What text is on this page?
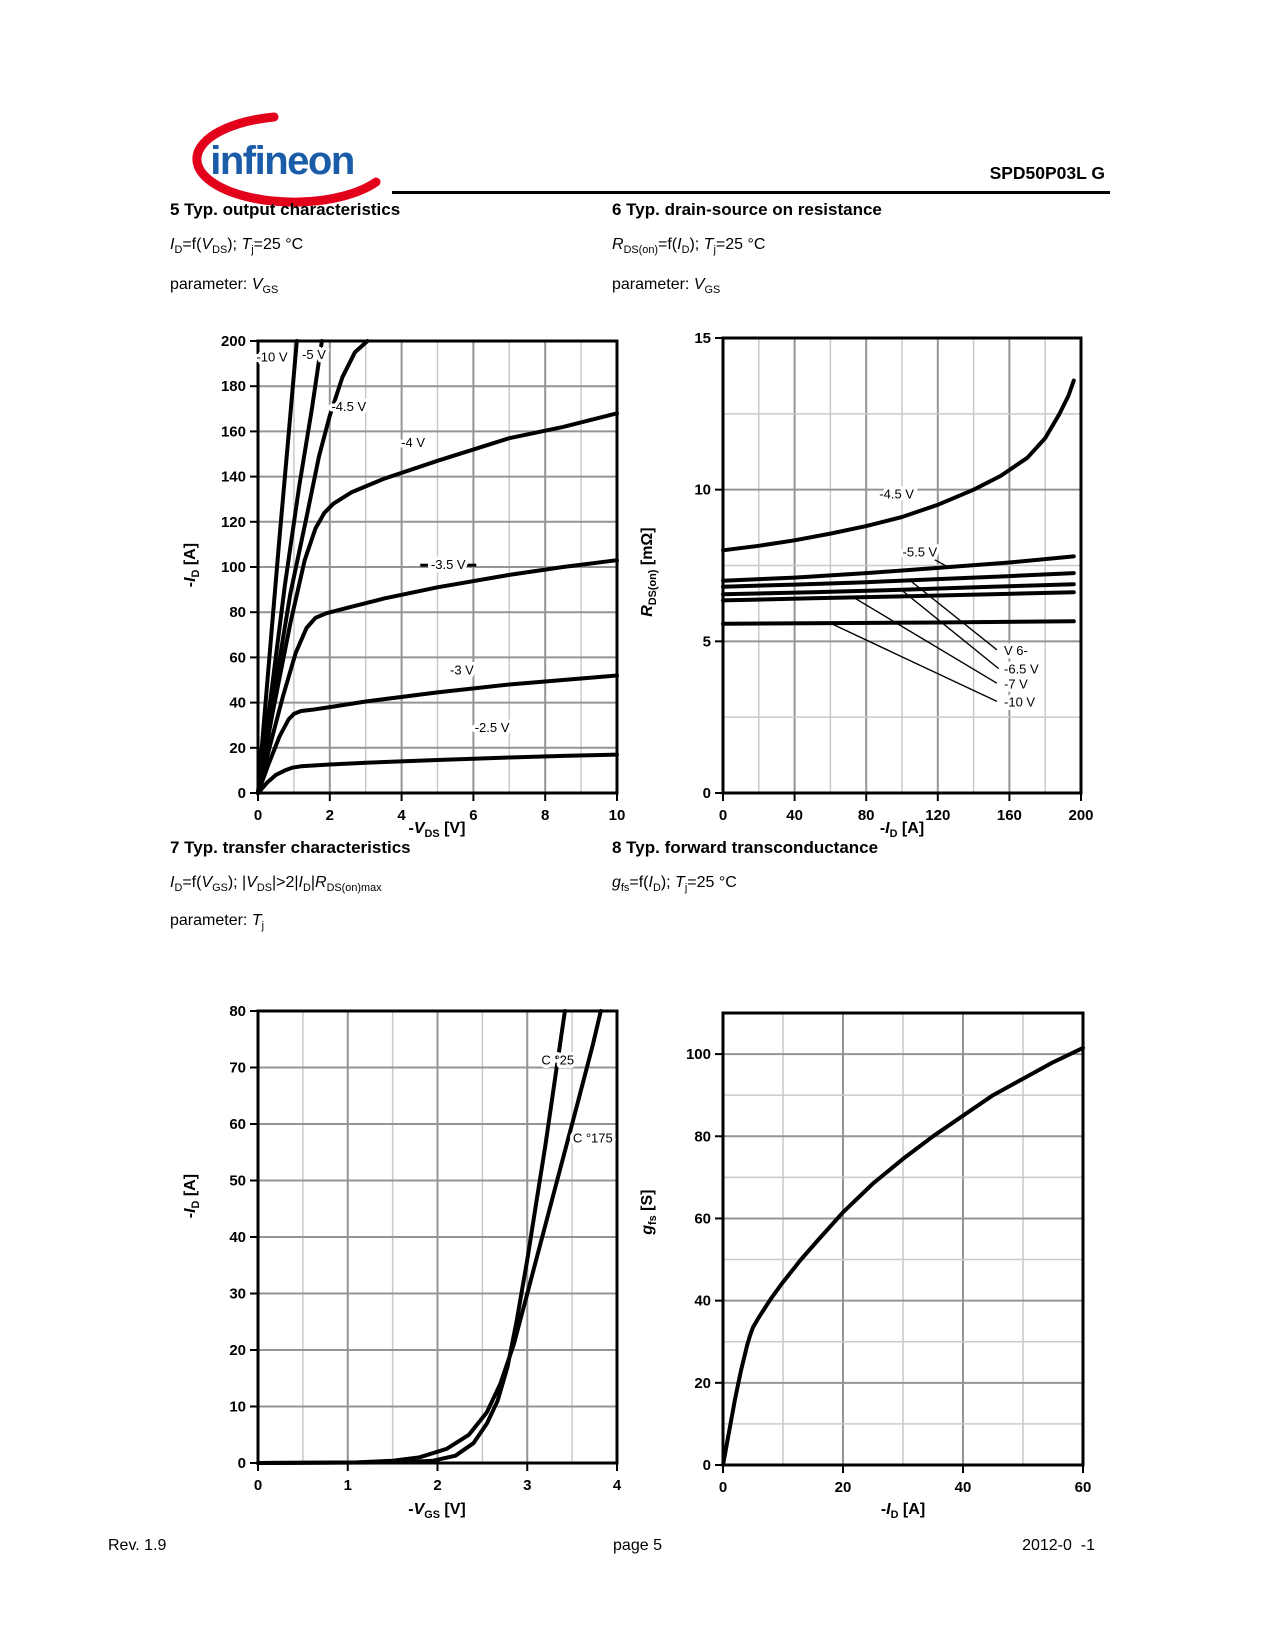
infineon	SPD50P03L G
5 Typ. output characteristics
$I_D=f(V_{DS})$; $T_j=25$ °C
parameter: $V_{GS}$
6 Typ. drain-source on resistance
$R_{DS(on)}=f(I_D)$; $T_j=25$ °C
parameter: $V_{GS}$
7 Typ. transfer characteristics
$I_D=f(V_{GS})$; $|V_{DS}|>2|I_D|R_{DS(on)max}$
parameter: $T_j$
8 Typ. forward transconductance
$g_{fs}=f(I_D)$; $T_j=25$ °C
-10 V -5 V
-4.5 V
-4 V
-3.5 V
-3 V
-2.5 V
0	2	4	6	8	10
0
20
40
60
80
100
120
140
160
180
200
-4.5 V
-5.5 V
V 6-
-6.5 V
-7 V
-10 V
0	40	80	120	160	200
0
5
10
15
C °25
C °175
0	1	2	3	4
0
10
20
30
40
50
60
70
80
0	20	40	60
0
20
40
60
80
100
$-I_D$ [A]
$-V_{DS}$ [V]
$R_{DS(on)}$ [mΩ]
$-I_D$ [A]
$-I_D$ [A]
$-V_{GS}$ [V]
$g_{fs}$ [S]
$-I_D$ [A]
Rev. 1.9	page 5	2012-0  -1
